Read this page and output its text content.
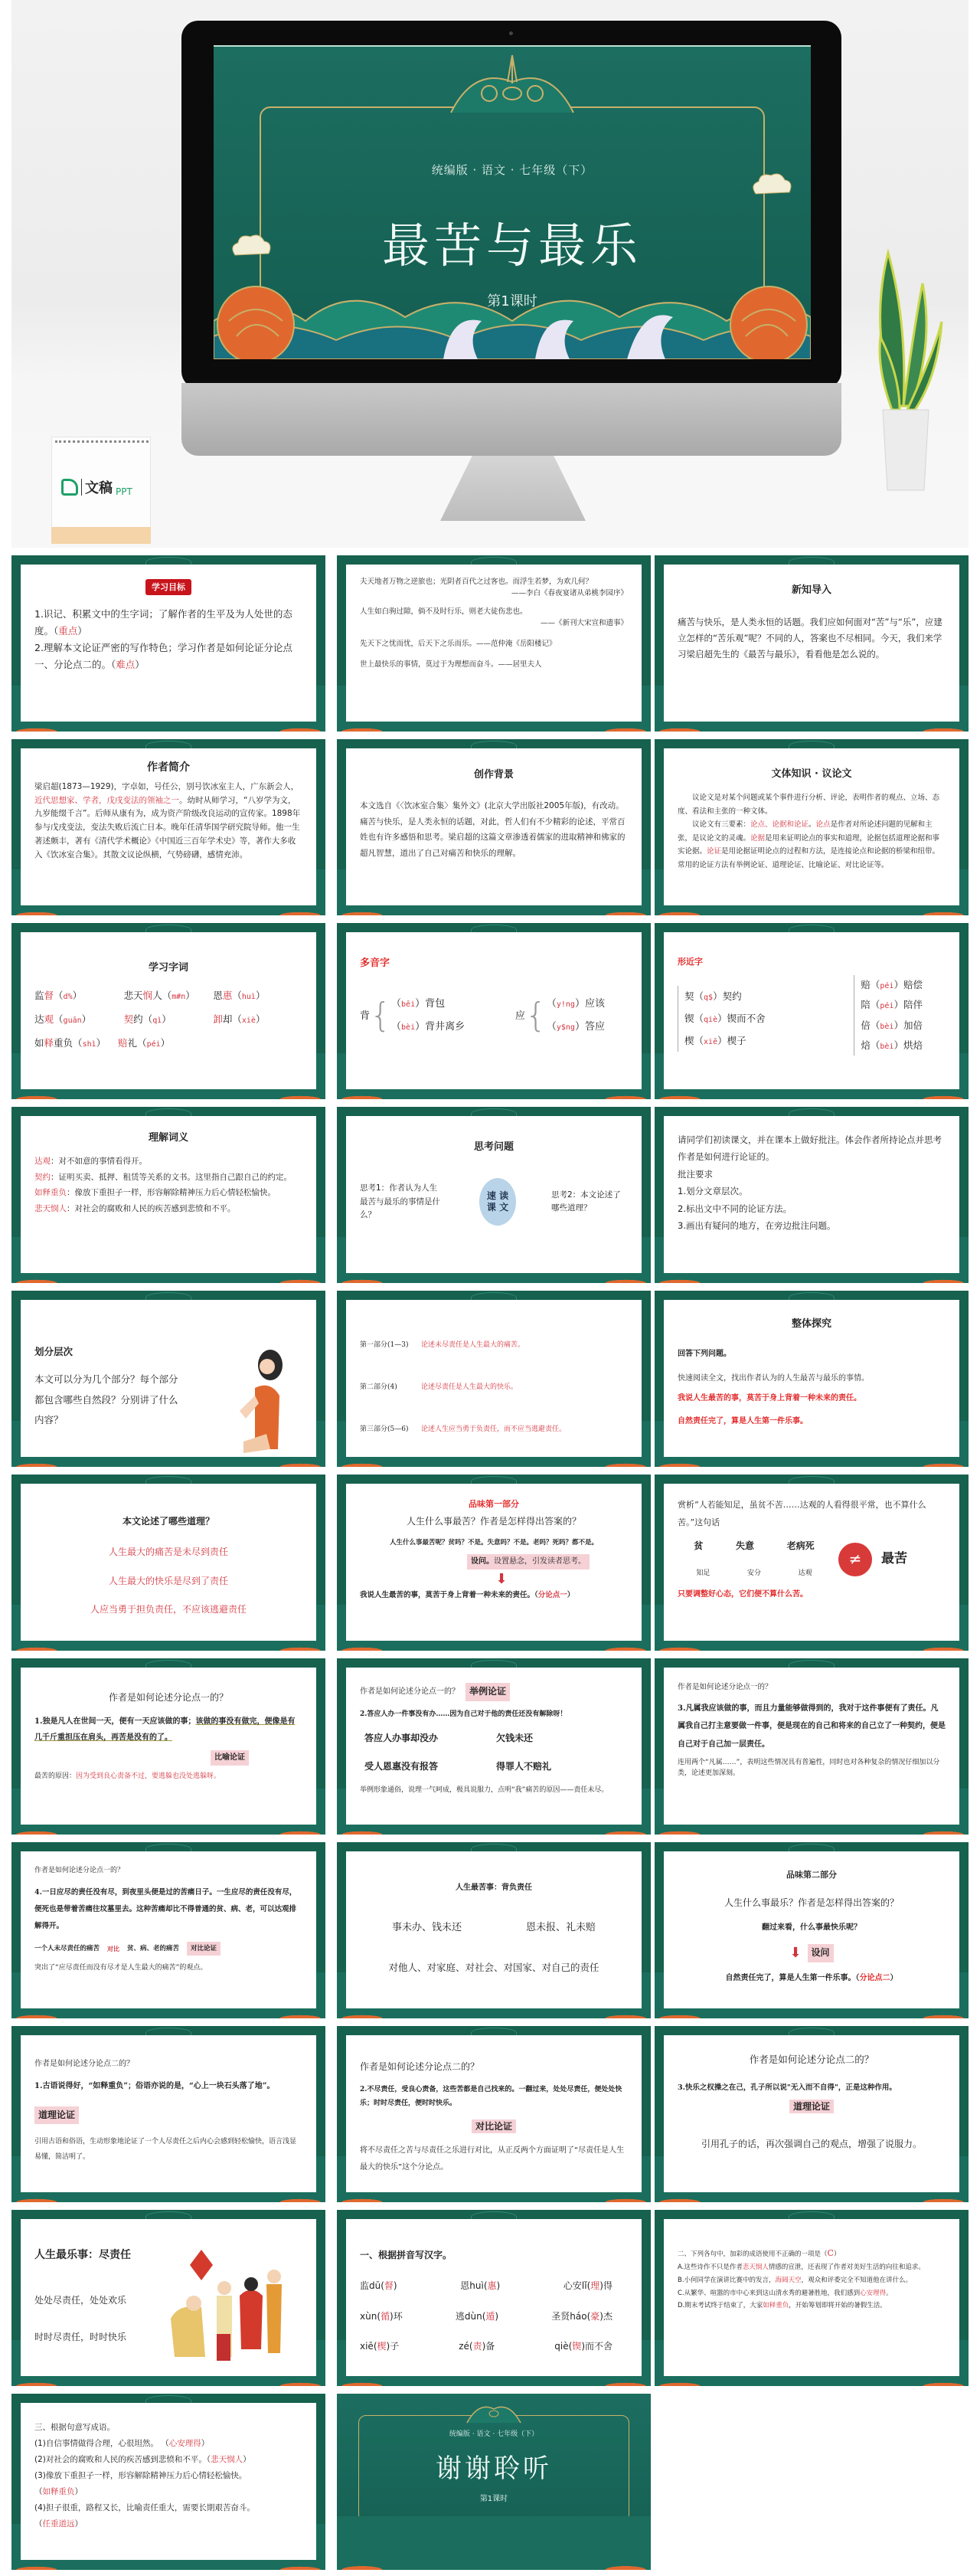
统编版 · 语文 · 七年级（下）
最苦与最乐
第1课时
文稿 PPT
学习目标
1.识记、积累文中的生字词；了解作者的生平及为人处世的态度。（重点）
2.理解本文论证严密的写作特色；学习作者是如何论证分论点一、分论点二的。（难点）
夫天地者万物之逆旅也；光阴者百代之过客也。而浮生若梦，为欢几何？
——李白《春夜宴诸从弟桃李园序》
人生如白驹过隙，倘不及时行乐，则老大徒伤悲也。
——《新刊大宋宣和遗事》
先天下之忧而忧，后天下之乐而乐。——范仲淹《岳阳楼记》
世上最快乐的事情，莫过于为理想而奋斗。——居里夫人
新知导入
痛苦与快乐，是人类永恒的话题。我们应如何面对“苦”与“乐”，应建立怎样的“苦乐观”呢？不同的人，答案也不尽相同。今天，我们来学习梁启超先生的《最苦与最乐》，看看他是怎么说的。
作者简介
梁启超(1873—1929)，字卓如，号任公，别号饮冰室主人，广东新会人，近代思想家、学者，戊戌变法的领袖之一。幼时从师学习，“八岁学为文，九岁能缀千言”。后师从康有为，成为资产阶级改良运动的宣传家。1898年参与戊戌变法，变法失败后流亡日本。晚年任清华国学研究院导师。他一生著述颇丰，著有《清代学术概论》《中国近三百年学术史》等，著作大多收入《饮冰室合集》。其散文议论纵横，气势磅礴，感情充沛。
创作背景
本文选自《〈饮冰室合集〉集外文》(北京大学出版社2005年版)，有改动。痛苦与快乐，是人类永恒的话题，对此，哲人们有不少精彩的论述，平常百姓也有许多感悟和思考。梁启超的这篇文章渗透着儒家的进取精神和佛家的超凡智慧，道出了自己对痛苦和快乐的理解。
文体知识 · 议论文
议论文是对某个问题或某个事件进行分析、评论，表明作者的观点、立场、态度、看法和主张的一种文体。
议论文有三要素：论点、论据和论证。论点是作者对所论述问题的见解和主张，是议论文的灵魂。论据是用来证明论点的事实和道理，论据包括道理论据和事实论据。论证是用论据证明论点的过程和方法，是连接论点和论据的桥梁和纽带。常用的论证方法有举例论证、道理论证、比喻论证、对比论证等。
学习字词
监督（d%）	悲天悯人（m#n）	恩惠（huì）
达观（guān）	契约（qì）	卸却（xiè）
如释重负（shì）    赔礼（péi）
多音字
背 { （bēi）背包
（bèi）背井离乡
应 { （y!ng）应该
（y$ng）答应
形近字
契（q$）契约
锲（qiè）锲而不舍
楔（xiē）楔子
赔（péi）赔偿
陪（péi）陪伴
倍（bèi）加倍
焙（bèi）烘焙
理解词义
达观：对不如意的事情看得开。
契约：证明买卖、抵押、租赁等关系的文书。这里指自己跟自己的约定。
如释重负：像放下重担子一样，形容解除精神压力后心情轻松愉快。
悲天悯人：对社会的腐败和人民的疾苦感到悲愤和不平。
思考问题
思考1：作者认为人生最苦与最乐的事情是什么？
速 读 课 文
思考2：本文论述了哪些道理？
请同学们初读课文，并在课本上做好批注。体会作者所持论点并思考作者是如何进行论证的。
批注要求
1.划分文章层次。
2.标出文中不同的论证方法。
3.画出有疑问的地方，在旁边批注问题。
划分层次
本文可以分为几个部分？每个部分都包含哪些自然段？分别讲了什么内容？
第一部分(1—3)	论述未尽责任是人生最大的痛苦。
第二部分(4)	论述尽责任是人生最大的快乐。
第三部分(5—6)	论述人生应当勇于负责任，而不应当逃避责任。
整体探究
回答下列问题。
快速阅读全文，找出作者认为的人生最苦与最乐的事情。
我说人生最苦的事，莫苦于身上背着一种未来的责任。
自然责任完了，算是人生第一件乐事。
本文论述了哪些道理？
人生最大的痛苦是未尽到责任
人生最大的快乐是尽到了责任
人应当勇于担负责任，不应该逃避责任
品味第一部分
人生什么事最苦？作者是怎样得出答案的？
人生什么事最苦呢？贫吗？不是。失意吗？不是。老吗？死吗？都不是。
设问。设置悬念，引发读者思考。
⬇
我说人生最苦的事，莫苦于身上背着一种未来的责任。（分论点一）
赏析“人若能知足，虽贫不苦……达观的人看得很平常，也不算什么苦。”这句话
贫	失意	老病死
知足	安分	达观
≠	最苦
只要调整好心态，它们便不算什么苦。
作者是如何论述分论点一的？
1.独是凡人在世间一天，便有一天应该做的事；该做的事没有做完，便像是有几千斤重担压在肩头，再苦是没有的了。
比喻论证
最苦的原因：因为受到良心责备不过，要逃躲也没处逃躲呀。
作者是如何论述分论点一的？	举例论证
2.答应人办一件事没有办……因为自己对于他的责任还没有解除呀！
答应人办事却没办	欠钱未还
受人恩惠没有报答	得罪人不赔礼
举例形象通俗，说理一气呵成，极具说服力，点明“我”痛苦的原因——责任未尽。
作者是如何论述分论点一的？
3.凡属我应该做的事，而且力量能够做得到的，我对于这件事便有了责任。凡属我自己打主意要做一件事，便是现在的自己和将来的自己立了一种契约，便是自己对于自己加一层责任。
连用两个“凡属……”，表明这些情况具有普遍性，同时也对各种复杂的情况仔细加以分类，论述更加深刻。
作者是如何论述分论点一的？
4.一日应尽的责任没有尽，到夜里头便是过的苦痛日子。一生应尽的责任没有尽，便死也是带着苦痛往坟墓里去。这种苦痛却比不得普通的贫、病、老，可以达观排解得开。
一个人未尽责任的痛苦 对比 贫、病、老的痛苦	对比论证
突出了“应尽责任而没有尽才是人生最大的痛苦”的观点。
人生最苦事：背负责任
事未办、钱未还	恩未报、礼未赔
对他人、对家庭、对社会、对国家、对自己的责任
品味第二部分
人生什么事最乐？作者是怎样得出答案的？
翻过来看，什么事最快乐呢？
⬇	设问
自然责任完了，算是人生第一件乐事。（分论点二）
作者是如何论述分论点二的？
1.古语说得好，“如释重负”；俗语亦说的是，“心上一块石头落了地”。
道理论证
引用古语和俗语，生动形象地论证了一个人尽责任之后内心会感到轻松愉快，语言浅显易懂，简洁明了。
作者是如何论述分论点二的？
2.不尽责任，受良心责备，这些苦都是自己找来的。一翻过来，处处尽责任，便处处快乐；时时尽责任，便时时快乐。
对比论证
将不尽责任之苦与尽责任之乐进行对比，从正反两个方面证明了“尽责任是人生最大的快乐”这个分论点。
作者是如何论述分论点二的？
3.快乐之权操之在己，孔子所以说"无入而不自得"，正是这种作用。
道理论证
引用孔子的话，再次强调自己的观点，增强了说服力。
人生最乐事：尽责任
处处尽责任，处处欢乐
时时尽责任，时时快乐
一、根据拼音写汉字。
监dū(督)	恩huì(惠)	心安lǐ(理)得
xùn(循)环	逃dùn(遁)	圣贤háo(豪)杰
xiē(楔)子	zé(责)备	qiè(锲)而不舍
二、下列各句中，加彩的成语使用不正确的一项是（C）
A.这些诗作不只是作者悲天悯人情感的宣泄，还表现了作者对美好生活的向往和追求。
B.小何同学在演讲比赛中的发言，海阔天空，观众和评委完全不知道他在讲什么。
C.从繁华、喧嚣的市中心来到这山清水秀的避暑胜地，我们感到心安理得。
D.期末考试终于结束了，大家如释重负，开始筹划即将开始的暑假生活。
三、根据句意写成语。
(1)自信事情做得合理，心很坦然。 （心安理得）
(2)对社会的腐败和人民的疾苦感到悲愤和不平。（悲天悯人）
(3)像放下重担子一样，形容解除精神压力后心情轻松愉快。
（如释重负）
(4)担子很重，路程又长，比喻责任重大，需要长期艰苦奋斗。
（任重道远）
统编版 · 语文 · 七年级（下）
谢谢聆听
第1课时
